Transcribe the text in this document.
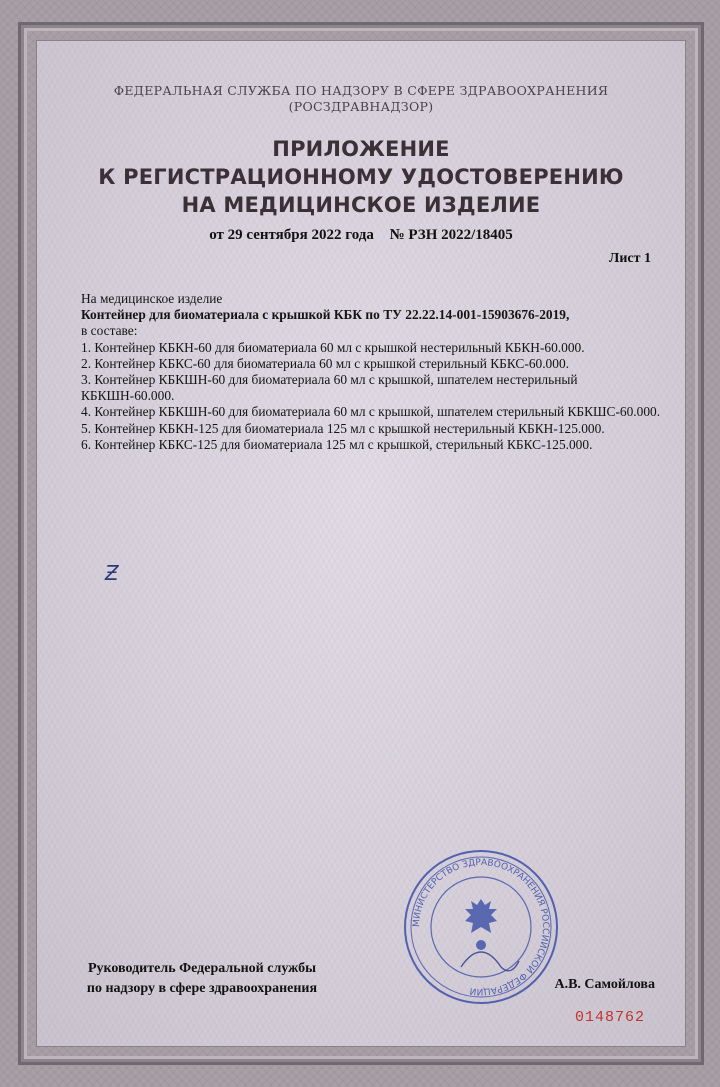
ФЕДЕРАЛЬНАЯ СЛУЖБА ПО НАДЗОРУ В СФЕРЕ ЗДРАВООХРАНЕНИЯ
(РОСЗДРАВНАДЗОР)
ПРИЛОЖЕНИЕ
К РЕГИСТРАЦИОННОМУ УДОСТОВЕРЕНИЮ
НА МЕДИЦИНСКОЕ ИЗДЕЛИЕ
от 29 сентября 2022 года № РЗН 2022/18405
Лист 1
На медицинское изделие
Контейнер для биоматериала с крышкой КБК по ТУ 22.22.14-001-15903676-2019,
в составе:
1. Контейнер КБКН-60 для биоматериала 60 мл с крышкой нестерильный КБКН-60.000.
2. Контейнер КБКС-60 для биоматериала 60 мл с крышкой стерильный КБКС-60.000.
3. Контейнер КБКШН-60 для биоматериала 60 мл с крышкой, шпателем нестерильный КБКШН-60.000.
4. Контейнер КБКШН-60 для биоматериала 60 мл с крышкой, шпателем стерильный КБКШС-60.000.
5. Контейнер КБКН-125 для биоматериала 125 мл с крышкой нестерильный КБКН-125.000.
6. Контейнер КБКС-125 для биоматериала 125 мл с крышкой, стерильный КБКС-125.000.
Ƶ
Руководитель Федеральной службы
по надзору в сфере здравоохранения
МИНИСТЕРСТВО ЗДРАВООХРАНЕНИЯ РОССИЙСКОЙ ФЕДЕРАЦИИ	А.В. Самойлова
0148762
